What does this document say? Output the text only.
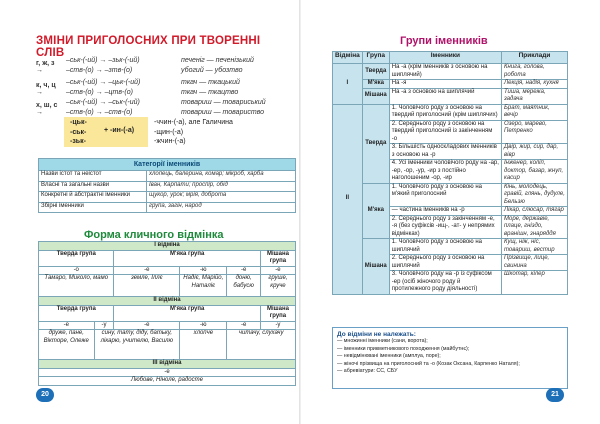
ЗМІНИ ПРИГОЛОСНИХ ПРИ ТВОРЕННІ СЛІВ
г, ж, з →
–ськ-(-ий) → –зьк-(-ий)	печеніг — печенізький
–ств-(о) → –зтв-(о)	убогий — убозтво
к, ч, ц →
–ськ-(-ий) → –цьк-(-ий)	ткач — ткацький
–ств-(о) → –цтв-(о)	ткач — ткацтво
х, ш, с →
–ськ-(-ий) → –ськ-(-ий)	товариш — товариський
–ств-(о) → –ств-(о)	товариш — товариство
-цьк-
-ськ-
-зьк-
+ -ин-(-а)
-ччин-(-а), але Галичина
-щин-(-а)
-жчин-(-а)
Категорії іменників	
Назви істот та неістот	хлопець, балерина, комар; мікроб, харба
Власні та загальні назви	Іван, Карпати; проспір, обід
Конкретні й абстрактні іменники	щукор, урок; мрія, доброта
Збірні іменники	група, загін, народ
Форма кличного відмінка
I відміна					
Тверда група		М'яка група			Мішана група
-о		-е	-ю	-е	-е
Тамаро, Миколо, мамо		земле, Іллє	Надіє, Марійо, Наталіє	доню, бабусю	груше, круче
II відміна					
Тверда група		М'яка група			Мішана група
-е	-у	-е	-ю	-е	-у
друже, пане, Вікторе, Олеже	сину, тату, діду, батьку, лікарю, учителю, Василю		хлопче	читачу, слухачу	
III відміна					
-е					
Любове, Ніноле, радосте					
20
Групи іменників
Відміна	Група	Іменники	Приклади
I	Тверда	На -а (крім іменників з основою на шиплячий)	Книга, голова, робота
	М'яка	На -я	Лекція, надія, кухня
	Мішана	На -а з основою на шиплячий	Тиша, мережа, задача
II	Тверда	1. Чоловічого роду з основою на твердий приголосний (крім шиплячих)	Брат, маятник, вечір
		2. Середнього роду з основою на твердий приголосний із закінченням -о	Озеро, марево, Петренко
		3. Більшість односкладових іменників з основою на -р	Двір, жир, сир, дар, вівр
		4. Усі іменники чоловічого роду на -ар, -ер, -ор, -ур, -ир з постійно наголошеним -ор, -ир	Інженер, коліп, доктор, базар, жнуп, касир
	М'яка	1. Чоловічого роду з основою на м'який приголосний	Кінь, молодець, гравій, глянь, дудуле, Бельзю
		— частина іменників на -р	Лікар, слюсар, тягар
		2. Середнього роду з закінченням -е, -я (без суфіксів -ищ-, -ат- у непрямих відмінках)	Море, державіе, плаце, гніздо, вранішн, знаряддя
	Мішана	1. Чоловічого роду з основою на шиплячий	Кущ, ніж, ніс, товариш, вестир
		2. Середнього роду з основою на шиплячий	Прізвище, лице, свинина
		3. Чоловічого роду на -р із суфіксом -ер (осіб жіночого роду й протилежного роду діяльності)	Шкотар, кілер
До відміни не належать:
— множинні іменники (сани, ворота);
— іменники прикметникового походження (майбутнє);
— невідмінювані іменники (амплуа, поре);
— жіночі прізвища на приголосний та -о (Козак Оксана, Карпенко Наталя);
— абревіатури: СС, СБУ
21
